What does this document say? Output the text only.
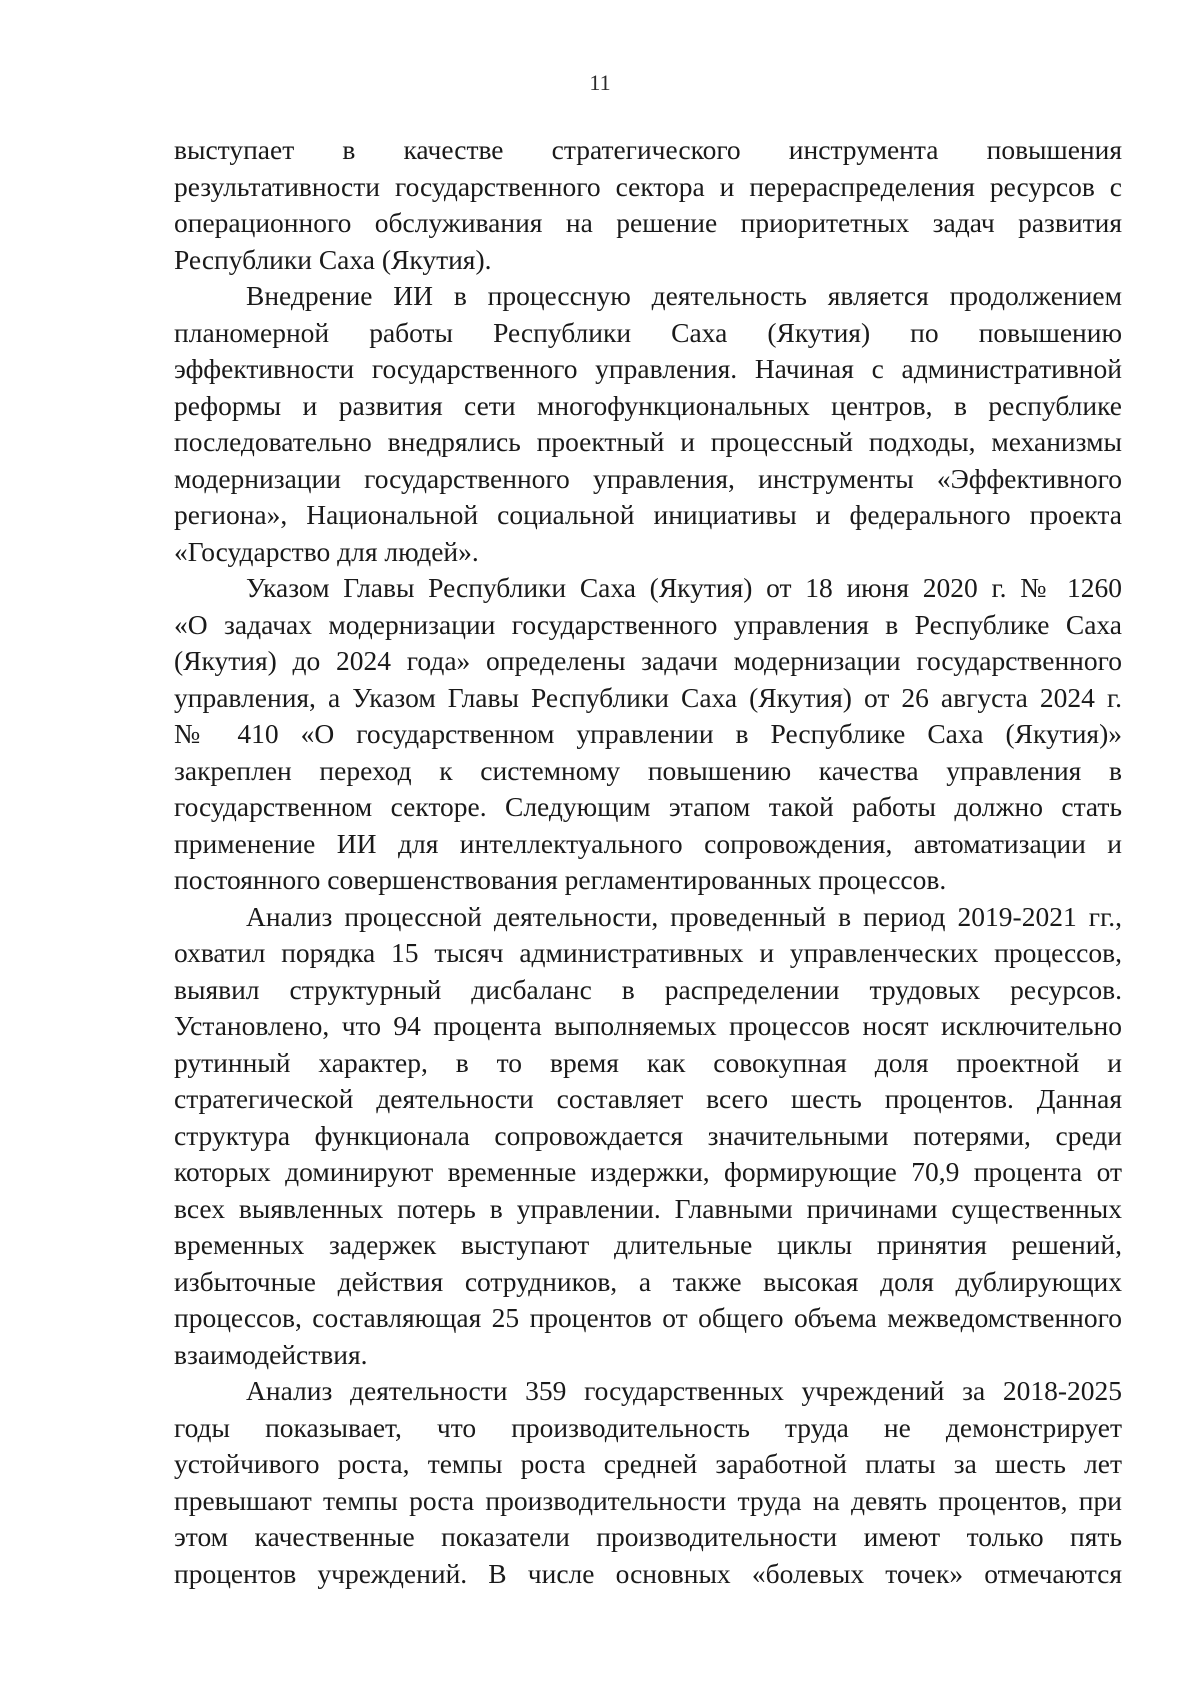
11
выступает в качестве стратегического инструмента повышения
результативности государственного сектора и перераспределения ресурсов с
операционного обслуживания на решение приоритетных задач развития
Республики Саха (Якутия).
Внедрение ИИ в процессную деятельность является продолжением
планомерной работы Республики Саха (Якутия) по повышению
эффективности государственного управления. Начиная с административной
реформы и развития сети многофункциональных центров, в республике
последовательно внедрялись проектный и процессный подходы, механизмы
модернизации государственного управления, инструменты «Эффективного
региона», Национальной социальной инициативы и федерального проекта
«Государство для людей».
Указом Главы Республики Саха (Якутия) от 18 июня 2020 г. № 1260
«О задачах модернизации государственного управления в Республике Саха
(Якутия) до 2024 года» определены задачи модернизации государственного
управления, а Указом Главы Республики Саха (Якутия) от 26 августа 2024 г.
№ 410 «О государственном управлении в Республике Саха (Якутия)»
закреплен переход к системному повышению качества управления в
государственном секторе. Следующим этапом такой работы должно стать
применение ИИ для интеллектуального сопровождения, автоматизации и
постоянного совершенствования регламентированных процессов.
Анализ процессной деятельности, проведенный в период 2019-2021 гг.,
охватил порядка 15 тысяч административных и управленческих процессов,
выявил структурный дисбаланс в распределении трудовых ресурсов.
Установлено, что 94 процента выполняемых процессов носят исключительно
рутинный характер, в то время как совокупная доля проектной и
стратегической деятельности составляет всего шесть процентов. Данная
структура функционала сопровождается значительными потерями, среди
которых доминируют временные издержки, формирующие 70,9 процента от
всех выявленных потерь в управлении. Главными причинами существенных
временных задержек выступают длительные циклы принятия решений,
избыточные действия сотрудников, а также высокая доля дублирующих
процессов, составляющая 25 процентов от общего объема межведомственного
взаимодействия.
Анализ деятельности 359 государственных учреждений за 2018-2025
годы показывает, что производительность труда не демонстрирует
устойчивого роста, темпы роста средней заработной платы за шесть лет
превышают темпы роста производительности труда на девять процентов, при
этом качественные показатели производительности имеют только пять
процентов учреждений. В числе основных «болевых точек» отмечаются
